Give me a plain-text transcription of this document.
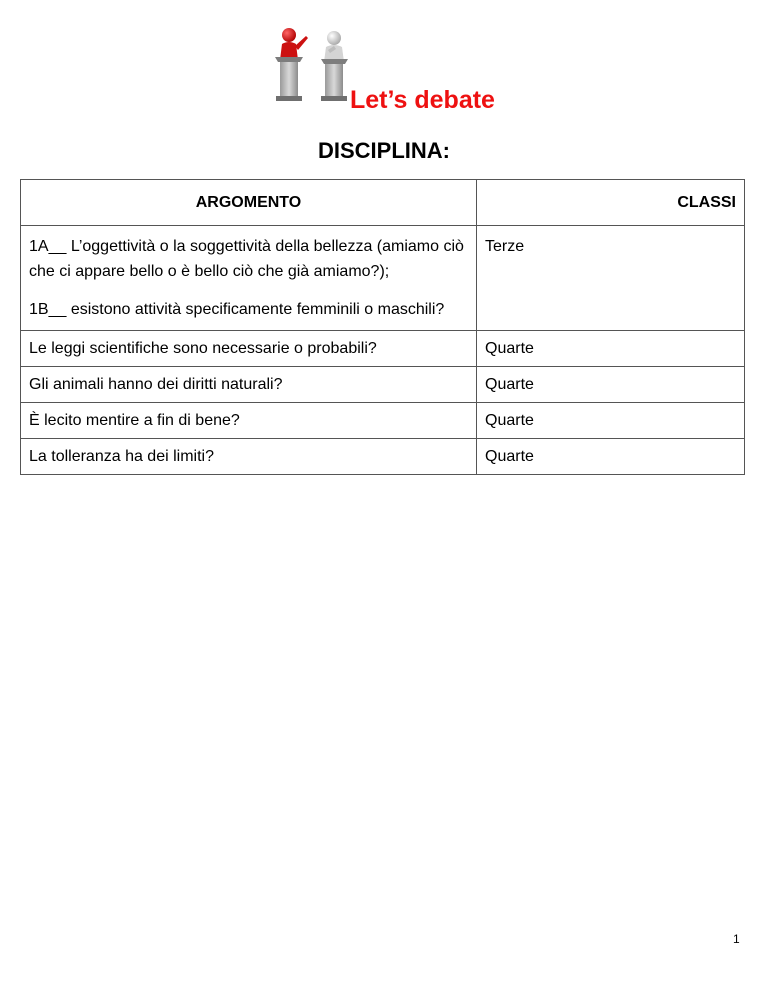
Let’s debate
DISCIPLINA:
ARGOMENTO	CLASSI

1A__ L’oggettività o la soggettività della bellezza (amiamo ciò che ci appare bello o è bello ciò che già amiamo?);

1B__ esistono attività specificamente femminili o maschili?	Terze
Le leggi scientifiche sono necessarie o probabili?	Quarte
Gli animali hanno dei diritti naturali?	Quarte
È lecito mentire a fin di bene?	Quarte
La tolleranza ha dei limiti?	Quarte
1
